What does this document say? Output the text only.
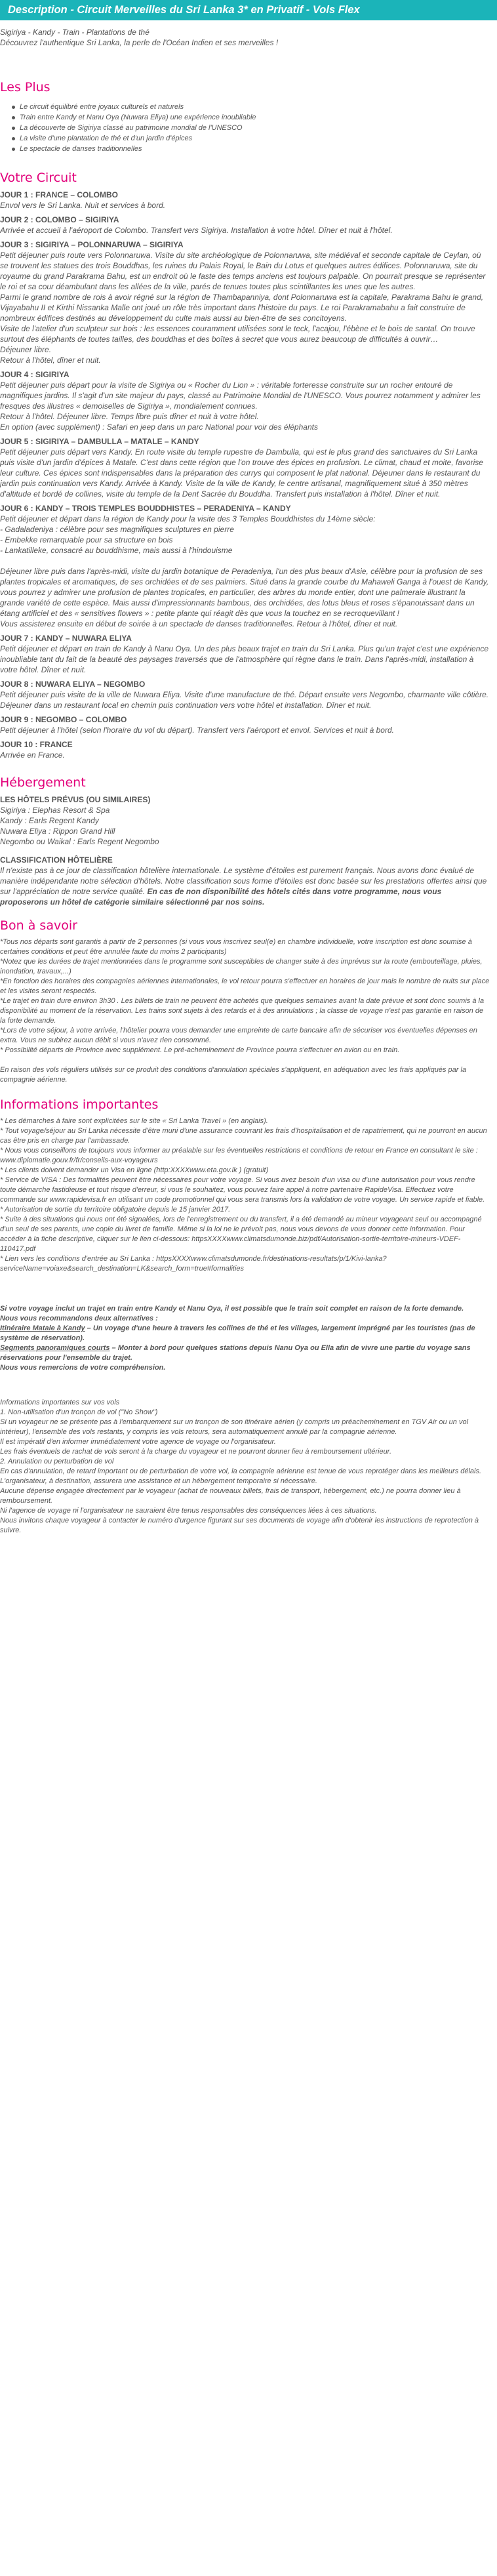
Description - Circuit Merveilles du Sri Lanka 3* en Privatif - Vols Flex

Sigiriya - Kandy - Train - Plantations de thé

Découvrez l'authentique Sri Lanka, la perle de l'Océan Indien et ses merveilles !

Les Plus
Le circuit équilibré entre joyaux culturels et naturels
Train entre Kandy et Nanu Oya (Nuwara Eliya) une expérience inoubliable
La découverte de Sigiriya classé au patrimoine mondial de l'UNESCO
La visite d'une plantation de thé et d'un jardin d'épices
Le spectacle de danses traditionnelles
Votre Circuit

JOUR 1 : FRANCE – COLOMBO

Envol vers le Sri Lanka. Nuit et services à bord.

JOUR 2 : COLOMBO – SIGIRIYA

Arrivée et accueil à l'aéroport de Colombo. Transfert vers Sigiriya. Installation à votre hôtel. Dîner et nuit à l'hôtel.

JOUR 3 : SIGIRIYA – POLONNARUWA – SIGIRIYA

Petit déjeuner puis route vers Polonnaruwa. Visite du site archéologique de Polonnaruwa, site médiéval et seconde capitale de Ceylan, où se trouvent les statues des trois Bouddhas, les ruines du Palais Royal, le Bain du Lotus et quelques autres édifices. Polonnaruwa, site du royaume du grand Parakrama Bahu, est un endroit où le faste des temps anciens est toujours palpable. On pourrait presque se représenter le roi et sa cour déambulant dans les allées de la ville, parés de tenues toutes plus scintillantes les unes que les autres.

Parmi le grand nombre de rois à avoir régné sur la région de Thambapanniya, dont Polonnaruwa est la capitale, Parakrama Bahu le grand, Vijayabahu II et Kirthi Nissanka Malle ont joué un rôle très important dans l'histoire du pays. Le roi Parakramabahu a fait construire de nombreux édifices destinés au développement du culte mais aussi au bien-être de ses concitoyens.

Visite de l'atelier d'un sculpteur sur bois : les essences couramment utilisées sont le teck, l'acajou, l'ébène et le bois de santal. On trouve surtout des éléphants de toutes tailles, des bouddhas et des boîtes à secret que vous aurez beaucoup de difficultés à ouvrir…

Déjeuner libre.

Retour à l'hôtel, dîner et nuit.

JOUR 4 : SIGIRIYA

Petit déjeuner puis départ pour la visite de Sigiriya ou « Rocher du Lion » : véritable forteresse construite sur un rocher entouré de magnifiques jardins. Il s'agit d'un site majeur du pays, classé au Patrimoine Mondial de l'UNESCO. Vous pourrez notamment y admirer les fresques des illustres « demoiselles de Sigiriya », mondialement connues.

Retour à l'hôtel. Déjeuner libre. Temps libre puis dîner et nuit à votre hôtel.

En option (avec supplément) : Safari en jeep dans un parc National pour voir des éléphants

JOUR 5 : SIGIRIYA – DAMBULLA – MATALE – KANDY

Petit déjeuner puis départ vers Kandy. En route visite du temple rupestre de Dambulla, qui est le plus grand des sanctuaires du Sri Lanka puis visite d'un jardin d'épices à Matale. C'est dans cette région que l'on trouve des épices en profusion. Le climat, chaud et moite, favorise leur culture. Ces épices sont indispensables dans la préparation des currys qui composent le plat national. Déjeuner dans le restaurant du jardin puis continuation vers Kandy. Arrivée à Kandy. Visite de la ville de Kandy, le centre artisanal, magnifiquement situé à 350 mètres d'altitude et bordé de collines, visite du temple de la Dent Sacrée du Bouddha. Transfert puis installation à l'hôtel. Dîner et nuit.

JOUR 6 : KANDY – TROIS TEMPLES BOUDDHISTES – PERADENIYA – KANDY

Petit déjeuner et départ dans la région de Kandy pour la visite des 3 Temples Bouddhistes du 14ème siècle:

- Gadaladeniya : célèbre pour ses magnifiques sculptures en pierre

- Embekke remarquable pour sa structure en bois

- Lankatilleke, consacré au bouddhisme, mais aussi à l'hindouisme

Déjeuner libre puis dans l'après-midi, visite du jardin botanique de Peradeniya, l'un des plus beaux d'Asie, célèbre pour la profusion de ses plantes tropicales et aromatiques, de ses orchidées et de ses palmiers. Situé dans la grande courbe du Mahaweli Ganga à l'ouest de Kandy, vous pourrez y admirer une profusion de plantes tropicales, en particulier, des arbres du monde entier, dont une palmeraie illustrant la grande variété de cette espèce. Mais aussi d'impressionnants bambous, des orchidées, des lotus bleus et roses s'épanouissant dans un étang artificiel et des « sensitives flowers » : petite plante qui réagit dès que vous la touchez en se recroquevillant !

Vous assisterez ensuite en début de soirée à un spectacle de danses traditionnelles. Retour à l'hôtel, dîner et nuit.

JOUR 7 : KANDY – NUWARA ELIYA

Petit déjeuner et départ en train de Kandy à Nanu Oya. Un des plus beaux trajet en train du Sri Lanka. Plus qu'un trajet c'est une expérience inoubliable tant du fait de la beauté des paysages traversés que de l'atmosphère qui règne dans le train. Dans l'après-midi, installation à votre hôtel. Dîner et nuit.

JOUR 8 : NUWARA ELIYA – NEGOMBO

Petit déjeuner puis visite de la ville de Nuwara Eliya. Visite d'une manufacture de thé. Départ ensuite vers Negombo, charmante ville côtière. Déjeuner dans un restaurant local en chemin puis continuation vers votre hôtel et installation. Dîner et nuit.

JOUR 9 : NEGOMBO – COLOMBO

Petit déjeuner à l'hôtel (selon l'horaire du vol du départ). Transfert vers l'aéroport et envol. Services et nuit à bord.

JOUR 10 : FRANCE

Arrivée en France.

Hébergement

LES HÔTELS PRÉVUS (OU SIMILAIRES)

Sigiriya : Elephas Resort & Spa

Kandy : Earls Regent Kandy

Nuwara Eliya : Rippon Grand Hill

Negombo ou Waikal : Earls Regent Negombo

CLASSIFICATION HÔTELIÈRE

Il n'existe pas à ce jour de classification hôtelière internationale. Le système d'étoiles est purement français. Nous avons donc évalué de manière indépendante notre sélection d'hôtels. Notre classification sous forme d'étoiles est donc basée sur les prestations offertes ainsi que sur l'appréciation de notre service qualité. En cas de non disponibilité des hôtels cités dans votre programme, nous vous proposerons un hôtel de catégorie similaire sélectionné par nos soins.

Bon à savoir

*Tous nos départs sont garantis à partir de 2 personnes (si vous vous inscrivez seul(e) en chambre individuelle, votre inscription est donc soumise à certaines conditions et peut être annulée faute du moins 2 participants)

*Notez que les durées de trajet mentionnées dans le programme sont susceptibles de changer suite à des imprévus sur la route (embouteillage, pluies, inondation, travaux,...)

*En fonction des horaires des compagnies aériennes internationales, le vol retour pourra s'effectuer en horaires de jour mais le nombre de nuits sur place et les visites seront respectés.

*Le trajet en train dure environ 3h30 . Les billets de train ne peuvent être achetés que quelques semaines avant la date prévue et sont donc soumis à la disponibilité au moment de la réservation. Les trains sont sujets à des retards et à des annulations ; la classe de voyage n'est pas garantie en raison de la forte demande.

*Lors de votre séjour, à votre arrivée, l'hôtelier pourra vous demander une empreinte de carte bancaire afin de sécuriser vos éventuelles dépenses en extra. Vous ne subirez aucun débit si vous n'avez rien consommé.

* Possibilité départs de Province avec supplément. Le pré-acheminement de Province pourra s'effectuer en avion ou en train.

En raison des vols réguliers utilisés sur ce produit des conditions d'annulation spéciales s'appliquent, en adéquation avec les frais appliqués par la compagnie aérienne.

Informations importantes

* Les démarches à faire sont explicitées sur le site « Sri Lanka Travel » (en anglais).

* Tout voyage/séjour au Sri Lanka nécessite d'être muni d'une assurance couvrant les frais d'hospitalisation et de rapatriement, qui ne pourront en aucun cas être pris en charge par l'ambassade.

* Nous vous conseillons de toujours vous informer au préalable sur les éventuelles restrictions et conditions de retour en France en consultant le site : www.diplomatie.gouv.fr/fr/conseils-aux-voyageurs

* Les clients doivent demander un Visa en ligne (http:XXXXwww.eta.gov.lk ) (gratuit)

* Service de VISA : Des formalités peuvent être nécessaires pour votre voyage. Si vous avez besoin d'un visa ou d'une autorisation pour vous rendre toute démarche fastidieuse et tout risque d'erreur, si vous le souhaitez, vous pouvez faire appel à notre partenaire RapideVisa. Effectuez votre commande sur www.rapidevisa.fr en utilisant un code promotionnel qui vous sera transmis lors la validation de votre voyage. Un service rapide et fiable.

* Autorisation de sortie du territoire obligatoire depuis le 15 janvier 2017.

* Suite à des situations qui nous ont été signalées, lors de l'enregistrement ou du transfert, il a été demandé au mineur voyageant seul ou accompagné d'un seul de ses parents, une copie du livret de famille. Même si la loi ne le prévoit pas, nous vous devons de vous donner cette information. Pour accéder à la fiche descriptive, cliquer sur le lien ci-dessous: httpsXXXXwww.climatsdumonde.biz/pdf/Autorisation-sortie-territoire-mineurs-VDEF-110417.pdf

* Lien vers les conditions d'entrée au Sri Lanka : httpsXXXXwww.climatsdumonde.fr/destinations-resultats/p/1/Kivi-lanka?serviceName=voiaxe&search_destination=LK&search_form=true#formalities

Si votre voyage inclut un trajet en train entre Kandy et Nanu Oya, il est possible que le train soit complet en raison de la forte demande.

Nous vous recommandons deux alternatives :

Itinéraire Matale à Kandy – Un voyage d'une heure à travers les collines de thé et les villages, largement imprégné par les touristes (pas de système de réservation).

Segments panoramiques courts – Monter à bord pour quelques stations depuis Nanu Oya ou Ella afin de vivre une partie du voyage sans réservations pour l'ensemble du trajet.

Nous vous remercions de votre compréhension.

Informations importantes sur vos vols

1. Non-utilisation d'un tronçon de vol ("No Show")

Si un voyageur ne se présente pas à l'embarquement sur un tronçon de son itinéraire aérien (y compris un préacheminement en TGV Air ou un vol intérieur), l'ensemble des vols restants, y compris les vols retours, sera automatiquement annulé par la compagnie aérienne.

Il est impératif d'en informer immédiatement votre agence de voyage ou l'organisateur.

Les frais éventuels de rachat de vols seront à la charge du voyageur et ne pourront donner lieu à remboursement ultérieur.

2. Annulation ou perturbation de vol

En cas d'annulation, de retard important ou de perturbation de votre vol, la compagnie aérienne est tenue de vous reprotéger dans les meilleurs délais.

L'organisateur, à destination, assurera une assistance et un hébergement temporaire si nécessaire.

Aucune dépense engagée directement par le voyageur (achat de nouveaux billets, frais de transport, hébergement, etc.) ne pourra donner lieu à remboursement.

Ni l'agence de voyage ni l'organisateur ne sauraient être tenus responsables des conséquences liées à ces situations.

Nous invitons chaque voyageur à contacter le numéro d'urgence figurant sur ses documents de voyage afin d'obtenir les instructions de reprotection à suivre.
